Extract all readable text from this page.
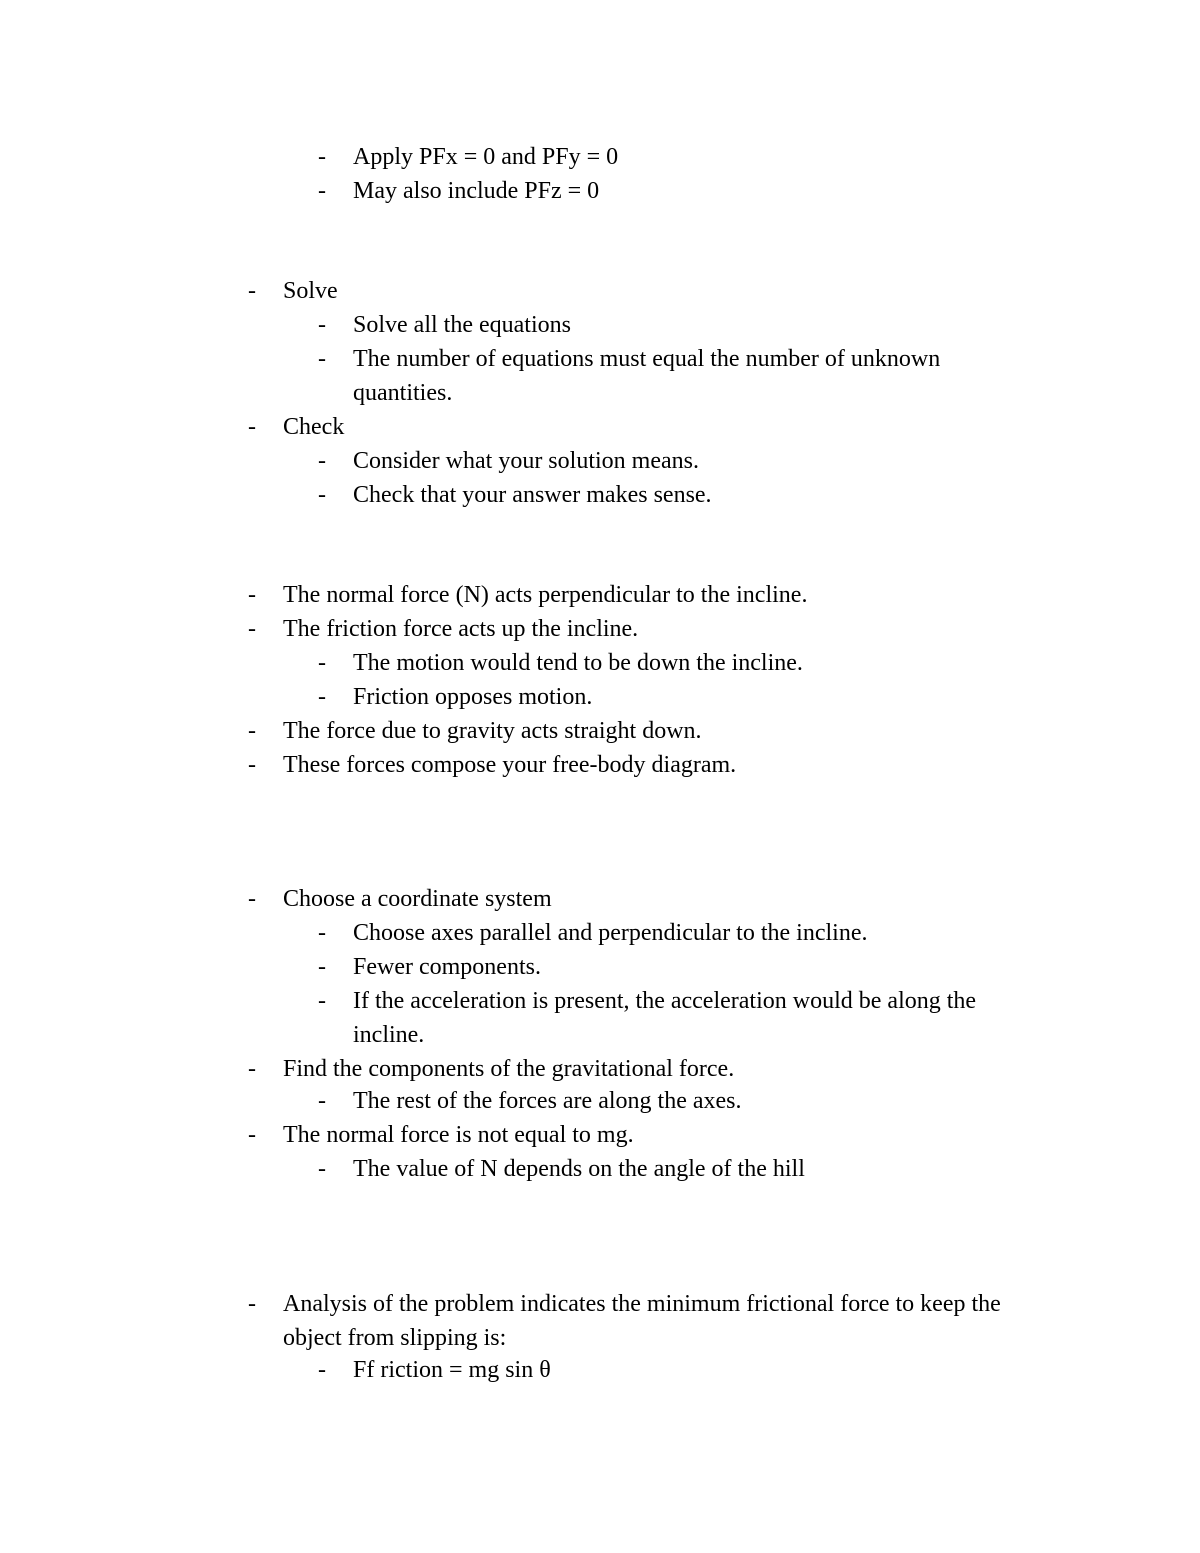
-	Apply PFx = 0 and PFy = 0
-	May also include PFz = 0
-	Solve
-	Solve all the equations
-	The number of equations must equal the number of unknown
quantities.
-	Check
-	Consider what your solution means.
-	Check that your answer makes sense.
-	The normal force (N) acts perpendicular to the incline.
-	The friction force acts up the incline.
-	The motion would tend to be down the incline.
-	Friction opposes motion.
-	The force due to gravity acts straight down.
-	These forces compose your free-body diagram.
-	Choose a coordinate system
-	Choose axes parallel and perpendicular to the incline.
-	Fewer components.
-	If the acceleration is present, the acceleration would be along the
incline.
-	Find the components of the gravitational force.
-	The rest of the forces are along the axes.
-	The normal force is not equal to mg.
-	The value of N depends on the angle of the hill
-	Analysis of the problem indicates the minimum frictional force to keep the
object from slipping is:
-	Ff riction = mg sin θ
